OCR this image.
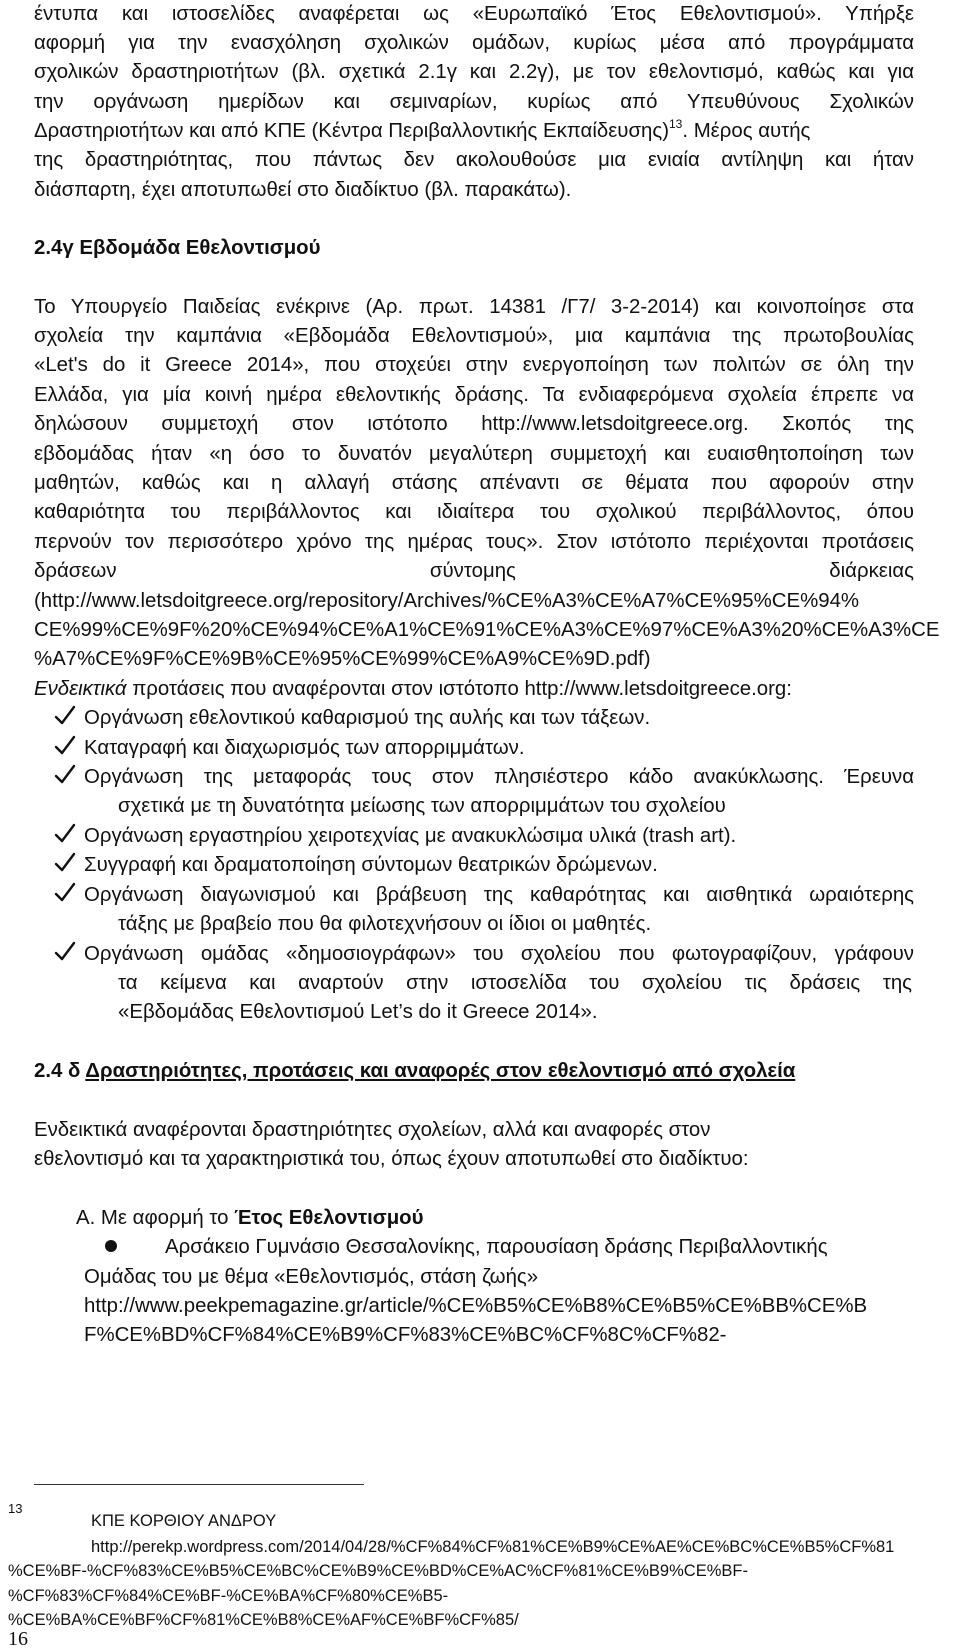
έντυπα και ιστοσελίδες αναφέρεται ως «Ευρωπαϊκό Έτος Εθελοντισμού». Υπήρξε
αφορμή για την ενασχόληση σχολικών ομάδων, κυρίως μέσα από προγράμματα
σχολικών δραστηριοτήτων (βλ. σχετικά 2.1γ και 2.2γ), με τον εθελοντισμό, καθώς και για
την οργάνωση ημερίδων και σεμιναρίων, κυρίως από Υπευθύνους Σχολικών
Δραστηριοτήτων και από ΚΠΕ (Κέντρα Περιβαλλοντικής Εκπαίδευσης)$^{13}$. Μέρος αυτής
της δραστηριότητας, που πάντως δεν ακολουθούσε μια ενιαία αντίληψη και ήταν
διάσπαρτη, έχει αποτυπωθεί στο διαδίκτυο (βλ. παρακάτω).
2.4γ Εβδομάδα Εθελοντισμού
Το Υπουργείο Παιδείας ενέκρινε (Αρ. πρωτ. 14381 /Γ7/ 3-2-2014) και κοινοποίησε στα
σχολεία την καμπάνια «Εβδομάδα Εθελοντισμού», μια καμπάνια της πρωτοβουλίας
«Let's do it Greece 2014», που στοχεύει στην ενεργοποίηση των πολιτών σε όλη την
Ελλάδα, για μία κοινή ημέρα εθελοντικής δράσης. Τα ενδιαφερόμενα σχολεία έπρεπε να
δηλώσουν συμμετοχή στον ιστότοπο http://www.letsdoitgreece.org. Σκοπός της
εβδομάδας ήταν «η όσο το δυνατόν μεγαλύτερη συμμετοχή και ευαισθητοποίηση των
μαθητών, καθώς και η αλλαγή στάσης απέναντι σε θέματα που αφορούν στην
καθαριότητα του περιβάλλοντος και ιδιαίτερα του σχολικού περιβάλλοντος, όπου
περνούν τον περισσότερο χρόνο της ημέρας τους». Στον ιστότοπο περιέχονται προτάσεις
δράσεων σύντομης διάρκειας
(http://www.letsdoitgreece.org/repository/Archives/%CE%A3%CE%A7%CE%95%CE%94%
CE%99%CE%9F%20%CE%94%CE%A1%CE%91%CE%A3%CE%97%CE%A3%20%CE%A3%CE
%A7%CE%9F%CE%9B%CE%95%CE%99%CE%A9%CE%9D.pdf)
Ενδεικτικά προτάσεις που αναφέρονται στον ιστότοπο http://www.letsdoitgreece.org:
Οργάνωση εθελοντικού καθαρισμού της αυλής και των τάξεων.
Καταγραφή και διαχωρισμός των απορριμμάτων.
Οργάνωση της μεταφοράς τους στον πλησιέστερο κάδο ανακύκλωσης. Έρευνα
σχετικά με τη δυνατότητα μείωσης των απορριμμάτων του σχολείου
Οργάνωση εργαστηρίου χειροτεχνίας με ανακυκλώσιμα υλικά (trash art).
Συγγραφή και δραματοποίηση σύντομων θεατρικών δρώμενων.
Οργάνωση διαγωνισμού και βράβευση της καθαρότητας και αισθητικά ωραιότερης
τάξης με βραβείο που θα φιλοτεχνήσουν οι ίδιοι οι μαθητές.
Οργάνωση ομάδας «δημοσιογράφων» του σχολείου που φωτογραφίζουν, γράφουν
τα κείμενα και αναρτούν στην ιστοσελίδα του σχολείου τις δράσεις της
«Εβδομάδας Εθελοντισμού Let’s do it Greece 2014».
2.4 δ Δραστηριότητες, προτάσεις και αναφορές στον εθελοντισμό από σχολεία
Ενδεικτικά αναφέρονται δραστηριότητες σχολείων, αλλά και αναφορές στον
εθελοντισμό και τα χαρακτηριστικά του, όπως έχουν αποτυπωθεί στο διαδίκτυο:
Α. Με αφορμή το Έτος Εθελοντισμού
Αρσάκειο Γυμνάσιο Θεσσαλονίκης, παρουσίαση δράσης Περιβαλλοντικής
Ομάδας του με θέμα «Εθελοντισμός, στάση ζωής»
http://www.peekpemagazine.gr/article/%CE%B5%CE%B8%CE%B5%CE%BB%CE%B
F%CE%BD%CF%84%CE%B9%CF%83%CE%BC%CF%8C%CF%82-
13
ΚΠΕ ΚΟΡΘΙΟΥ ΑΝΔΡΟΥ
http://perekp.wordpress.com/2014/04/28/%CF%84%CF%81%CE%B9%CE%AE%CE%BC%CE%B5%CF%81
%CE%BF-%CF%83%CE%B5%CE%BC%CE%B9%CE%BD%CE%AC%CF%81%CE%B9%CE%BF-
%CF%83%CF%84%CE%BF-%CE%BA%CF%80%CE%B5-
%CE%BA%CE%BF%CF%81%CE%B8%CE%AF%CE%BF%CF%85/
16
